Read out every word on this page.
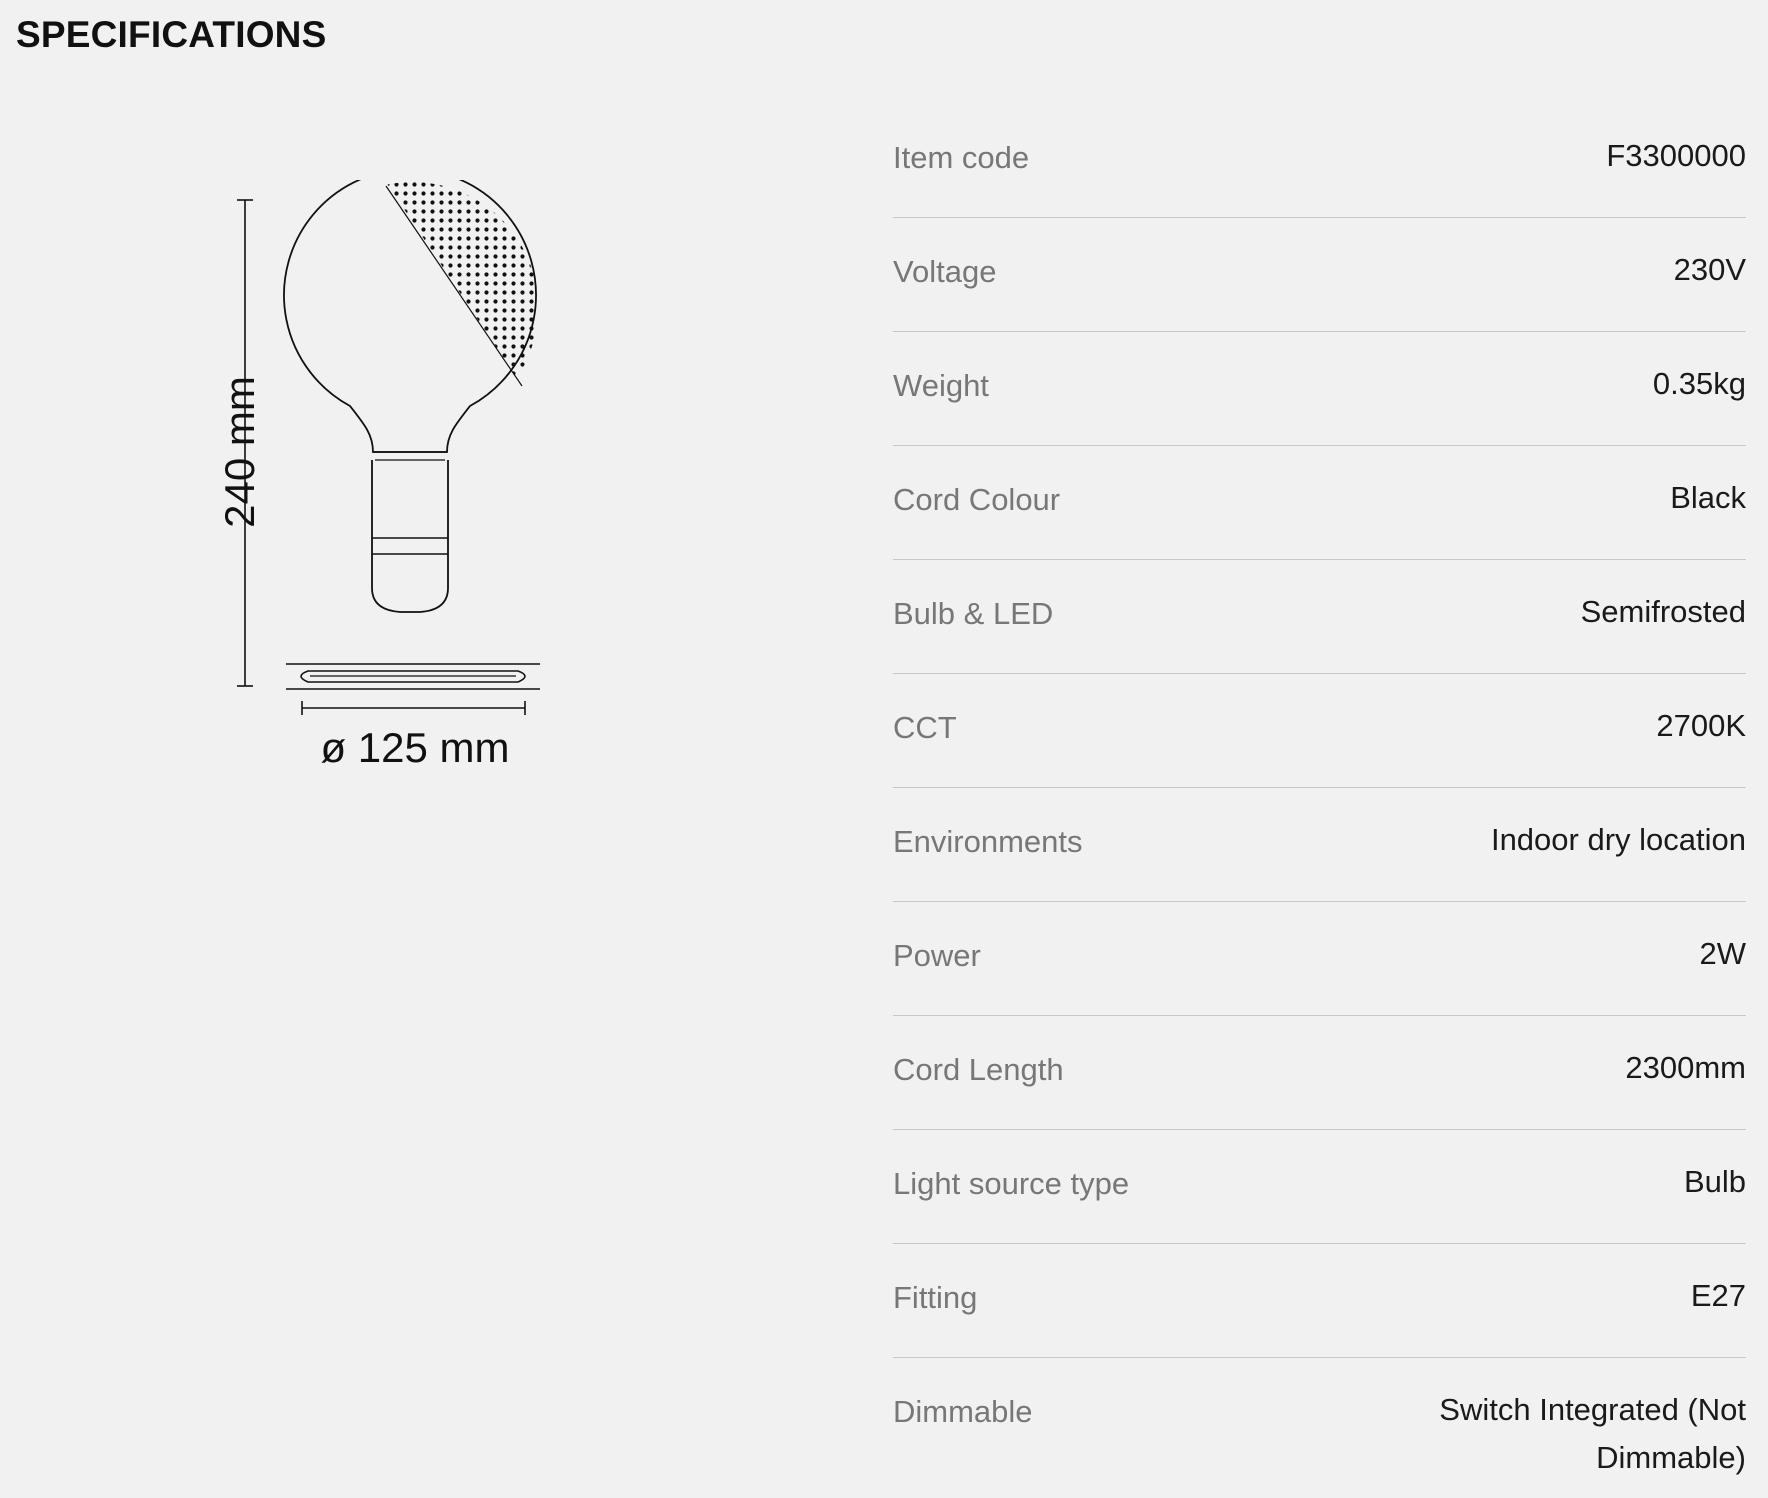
SPECIFICATIONS
240 mm
ø 125 mm
Item code	F3300000
Voltage	230V
Weight	0.35kg
Cord Colour	Black
Bulb & LED	Semifrosted
CCT	2700K
Environments	Indoor dry location
Power	2W
Cord Length	2300mm
Light source type	Bulb
Fitting	E27
Dimmable	Switch Integrated (Not Dimmable)
